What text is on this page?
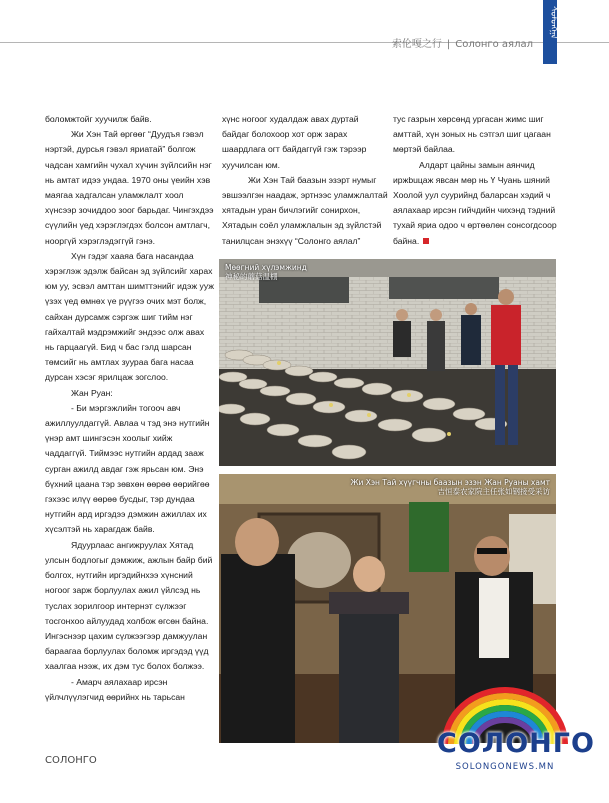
索伦嘎之行 | Солонго аялал
ᠰᠣᠯᠣᠩᠭ᠋ᠠ

боломжтойг хуучилж байв.

Жи Хэн Тай өргөөг “Дуудъя гэвэл нэртэй, дурсья гэвэл яриатай” болгож чадсан хамгийн чухал хүчин зүйлсийн нэг нь амтат идээ ундаа. 1970 оны үеийн хэв маягаа хадгалсан уламжлалт хоол хүнсээр зочиддоо зоог барьдаг. Чингэхдээ сүүлийн үед хэрэглэгдэх болсон амтлагч, нооргүй хэрэглэдэггүй гэнэ.

Хүн гэдэг хааяа бага насандаа хэрэглэж эдэлж байсан эд зүйлсийг харах юм уу, эсвэл амттан шимттэнийг идэж ууж үзэх үед өмнөх үе рүүгээ очих мэт болж, сайхан дурсамж сэргэж шиг тийм нэг гайхалтай мэдрэмжийг эндээс олж авах нь гарцаагүй. Бид ч бас гэлд шарсан төмсийг нь амтлах зуураа бага насаа дурсан хэсэг ярилцаж зогслоо.

Жан Руан:

- Би мэргэжлийн тогооч авч ажиллуулдаггүй. Авлаа ч тэд энэ нутгийн үнэр амт шингэсэн хоолыг хийж чаддаггүй. Тиймээс нутгийн ардад зааж сурган ажилд авдаг гэж ярьсан юм. Энэ бүхний цаана тэр зөвхөн өөрөө өөрийгөө гэхээс илүү өөрөө бусдыг, тэр дундаа нутгийн ард иргэдээ дэмжин ажиллах их хүсэлтэй нь харагдаж байв.

Ядуурлаас ангижруулах Хятад улсын бодлогыг дэмжиж, ажлын байр бий болгох, нутгийн иргэдийнхээ хүнсний ногоог зарж борлуулах ажил үйлсэд нь туслах зорилгоор интернэт сүлжээг тосгонхоо айлуудад холбож өгсөн байна. Ингэснээр цахим сүлжээгээр дамжуулан бараагаа борлуулах боломж иргэдэд үүд хаалгаа нээж, их дэм тус болох болжээ.

- Амарч аялахаар ирсэн үйлчлүүлэгчид өөрийнх нь тарьсан

хүнс ногоог худалдаж авах дуртай байдаг болохоор хот орж зарах шаардлага огт байдаггүй гэж тэрээр хуучилсан юм.

Жи Хэн Тай баазын эзэрт нумыг эвшээлгэн наадаж, эртнээс уламжлалтай хятадын уран бичлэгийг сонирхон, Хятадын соёл уламжлалын эд зүйлстэй танилцсан энэхүү “Солонго аялал”

тус газрын хөрсөнд ургасан жимс шиг амттай, хүн зоных нь сэтгэл шиг цагаан мөртэй байлаа.

Алдарт цайны замын аянчид иржbuцаж явсан мөр нь Ү Чуань шяний Хоолой уул суурийнд баларсан хэдий ч аялахаар ирсэн гийчдийн чихэнд тэдний тухай яриа одоо ч өртөөлөн сонсогдсоор байна.

Мөөгний хүлэмжинд
神秘的蘑菇温棚
Жи Хэн Тай хүүгчны баазын эзэн Жан Руаны хамт
吉恒泰农家院主任张如钢接受采访
СОЛОНГО
СОЛОНГО
SOLONGONEWS.MN
